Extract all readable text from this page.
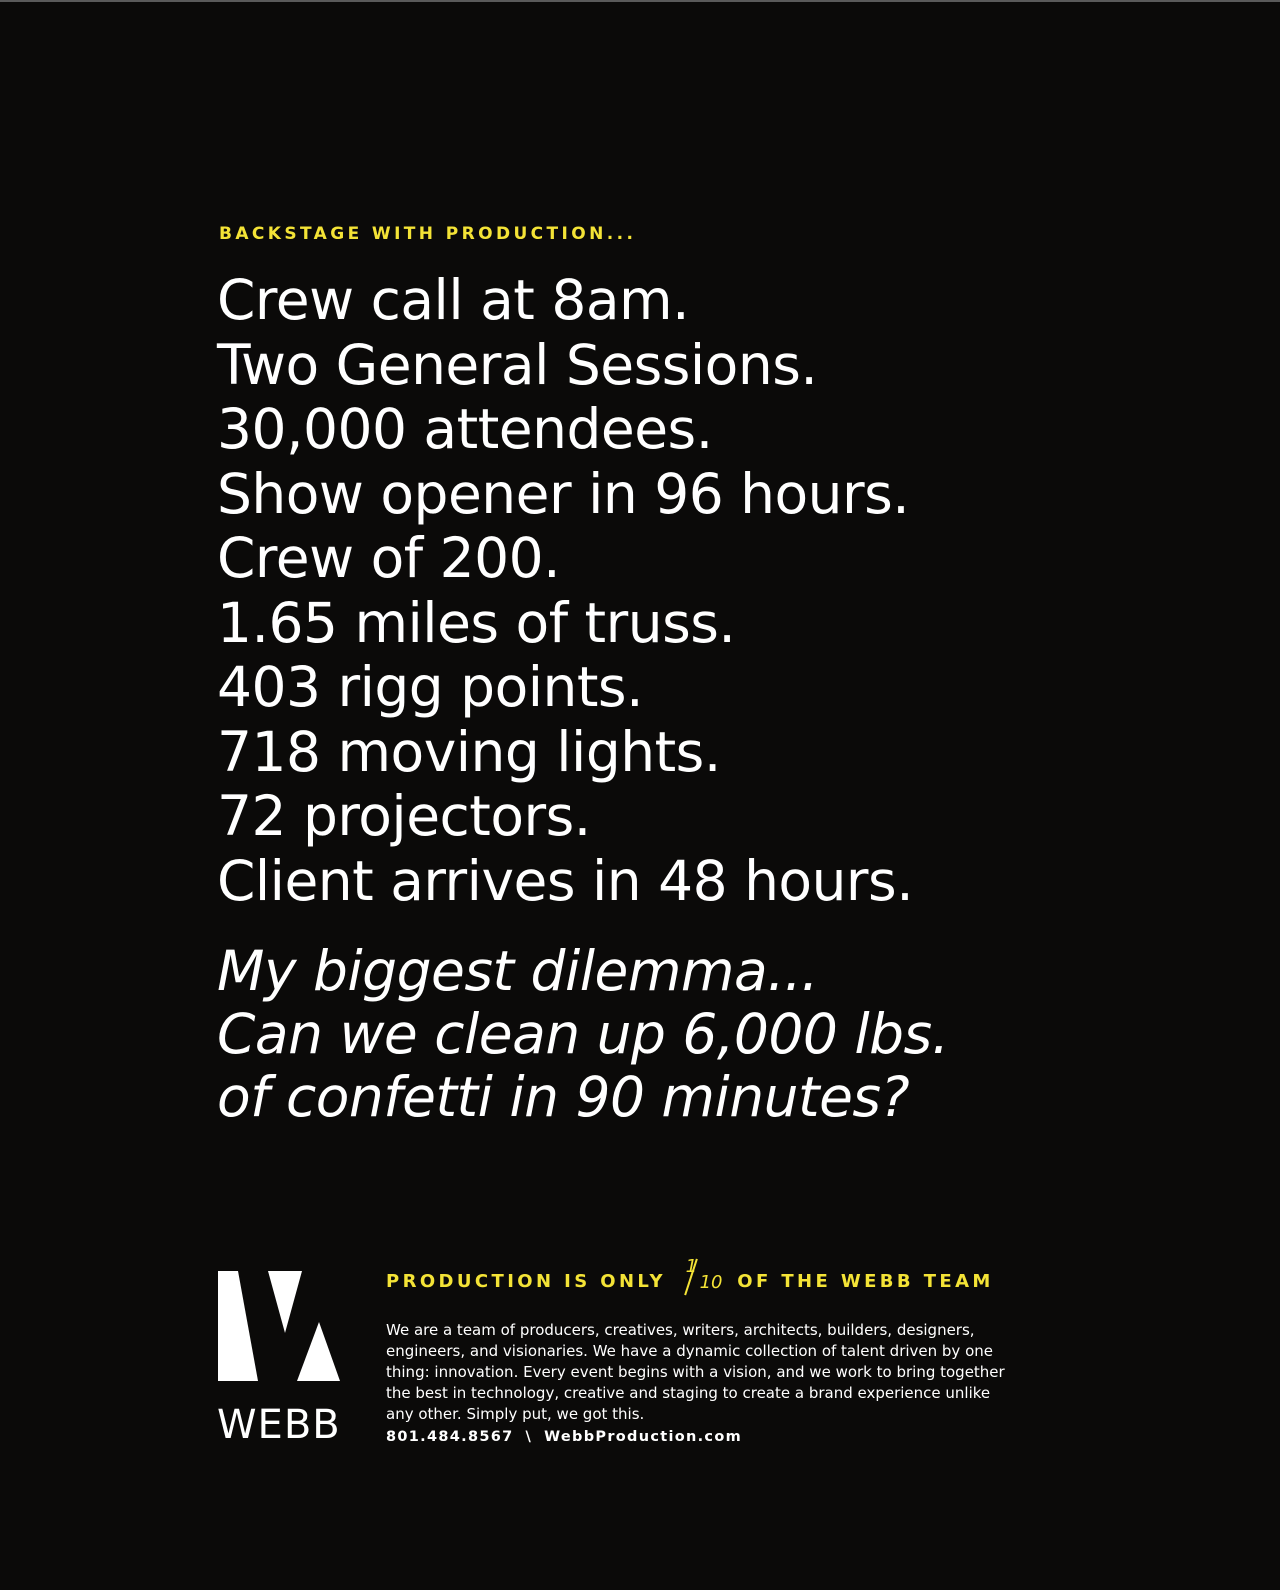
BACKSTAGE WITH PRODUCTION...
Crew call at 8am.
Two General Sessions.
30,000 attendees.
Show opener in 96 hours.
Crew of 200.
1.65 miles of truss.
403 rigg points.
718 moving lights.
72 projectors.
Client arrives in 48 hours.
My biggest dilemma...
Can we clean up 6,000 lbs.
of confetti in 90 minutes?
WEBB
PRODUCTION IS ONLY
1
10 OF THE WEBB TEAM
We are a team of producers, creatives, writers, architects, builders, designers,
engineers, and visionaries. We have a dynamic collection of talent driven by one
thing: innovation. Every event begins with a vision, and we work to bring together
the best in technology, creative and staging to create a brand experience unlike
any other. Simply put, we got this.
801.484.8567 \ WebbProduction.com
